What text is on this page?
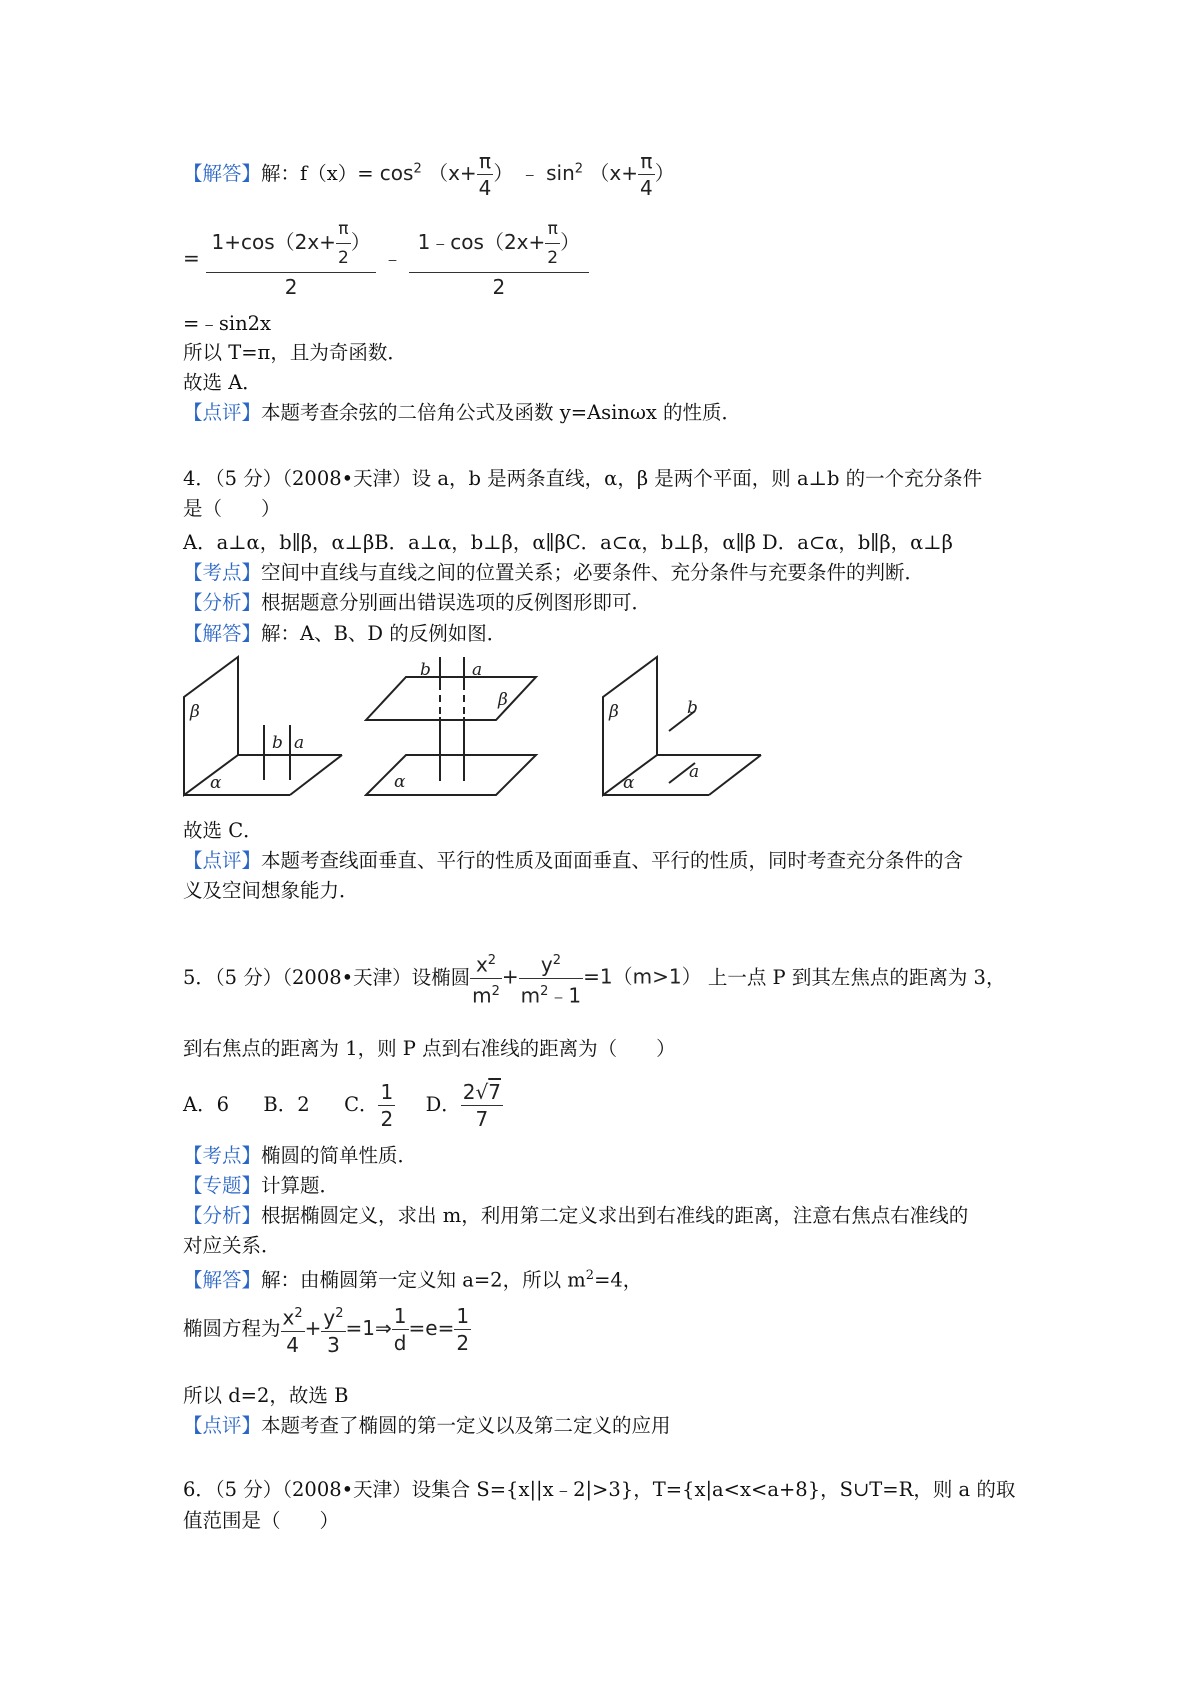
【解答】解：$f(x)= \cos^2 (x+ \frac{\pi}{4}$ ） ﹣ $\sin^2 (x+ \frac{\pi}{4}$ ）
= $\frac{1+\cos(2x+ \frac{\pi}{2} )}{2}$ ﹣ $\frac{1﹣\cos(2x+ \frac{\pi}{2} )}{2}$
=﹣sin2x
所以 T=π，且为奇函数．
故选 A．
【点评】本题考查余弦的二倍角公式及函数 y=Asinωx 的性质．
4．（5 分）（2008•天津）设 a，b 是两条直线，α，β 是两个平面，则 a⊥b 的一个充分条件
是（　　）
A．a⊥α，b∥β，α⊥βB．a⊥α，b⊥β，α∥βC．a⊂α，b⊥β，α∥β D．a⊂α，b∥β，α⊥β
【考点】空间中直线与直线之间的位置关系；必要条件、充分条件与充要条件的判断．
【分析】根据题意分别画出错误选项的反例图形即可．
【解答】解：A、B、D 的反例如图．
β
b a
α
b a
β
α
β	b
a
α
故选 C．
【点评】本题考查线面垂直、平行的性质及面面垂直、平行的性质，同时考查充分条件的含
义及空间想象能力．
5．（5 分）（2008•天津）设椭圆 $\frac{x^2}{m^2} + \frac{y^2}{m^2﹣1} =1(m>1)$ 上一点 P 到其左焦点的距离为 3，
到右焦点的距离为 1，则 P 点到右准线的距离为（　　）
A．6 B．2 C． $\frac{1}{2}$ D． $\frac{2√7}{7}$
【考点】椭圆的简单性质．
【专题】计算题．
【分析】根据椭圆定义，求出 m，利用第二定义求出到右准线的距离，注意右焦点右准线的
对应关系．
【解答】解：由椭圆第一定义知 a=2，所以 $m^2=4$，
椭圆方程为 $\frac{x^2}{4} + \frac{y^2}{3}$ =1⇒ $\frac{1}{d} =e= \frac{1}{2}$
所以 d=2，故选 B
【点评】本题考查了椭圆的第一定义以及第二定义的应用
6．（5 分）（2008•天津）设集合 S={x||x﹣2|>3}，T={x|a<x<a+8}，S∪T=R，则 a 的取
值范围是（　　）
